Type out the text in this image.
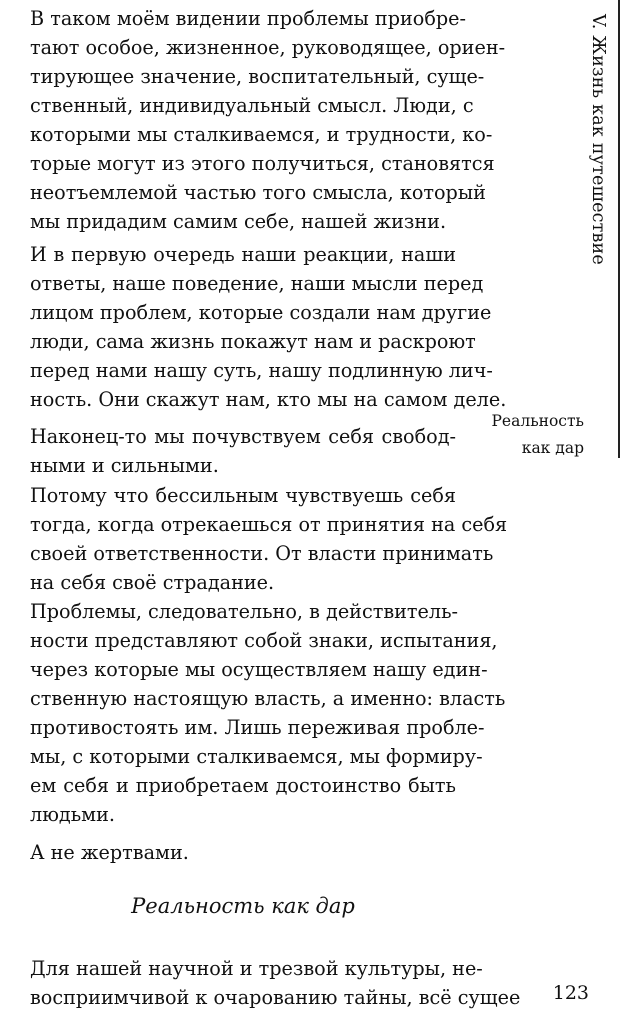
V. Жизнь как путешествие
Реальность
как дар
В таком моём видении проблемы приобре-
тают особое, жизненное, руководящее, ориен-
тирующее значение, воспитательный, суще-
ственный, индивидуальный смысл. Люди, с
которыми мы сталкиваемся, и трудности, ко-
торые могут из этого получиться, становятся
неотъемлемой частью того смысла, который
мы придадим самим себе, нашей жизни.
И в первую очередь наши реакции, наши
ответы, наше поведение, наши мысли перед
лицом проблем, которые создали нам другие
люди, сама жизнь покажут нам и раскроют
перед нами нашу суть, нашу подлинную лич-
ность. Они скажут нам, кто мы на самом деле.
Наконец-то мы почувствуем себя свобод-
ными и сильными.
Потому что бессильным чувствуешь себя
тогда, когда отрекаешься от принятия на себя
своей ответственности. От власти принимать
на себя своё страдание.
Проблемы, следовательно, в действитель-
ности представляют собой знаки, испытания,
через которые мы осуществляем нашу един-
ственную настоящую власть, а именно: власть
противостоять им. Лишь переживая пробле-
мы, с которыми сталкиваемся, мы формиру-
ем себя и приобретаем достоинство быть
людьми.
А не жертвами.
Реальность как дар
Для нашей научной и трезвой культуры, не-
восприимчивой к очарованию тайны, всё сущее 123
